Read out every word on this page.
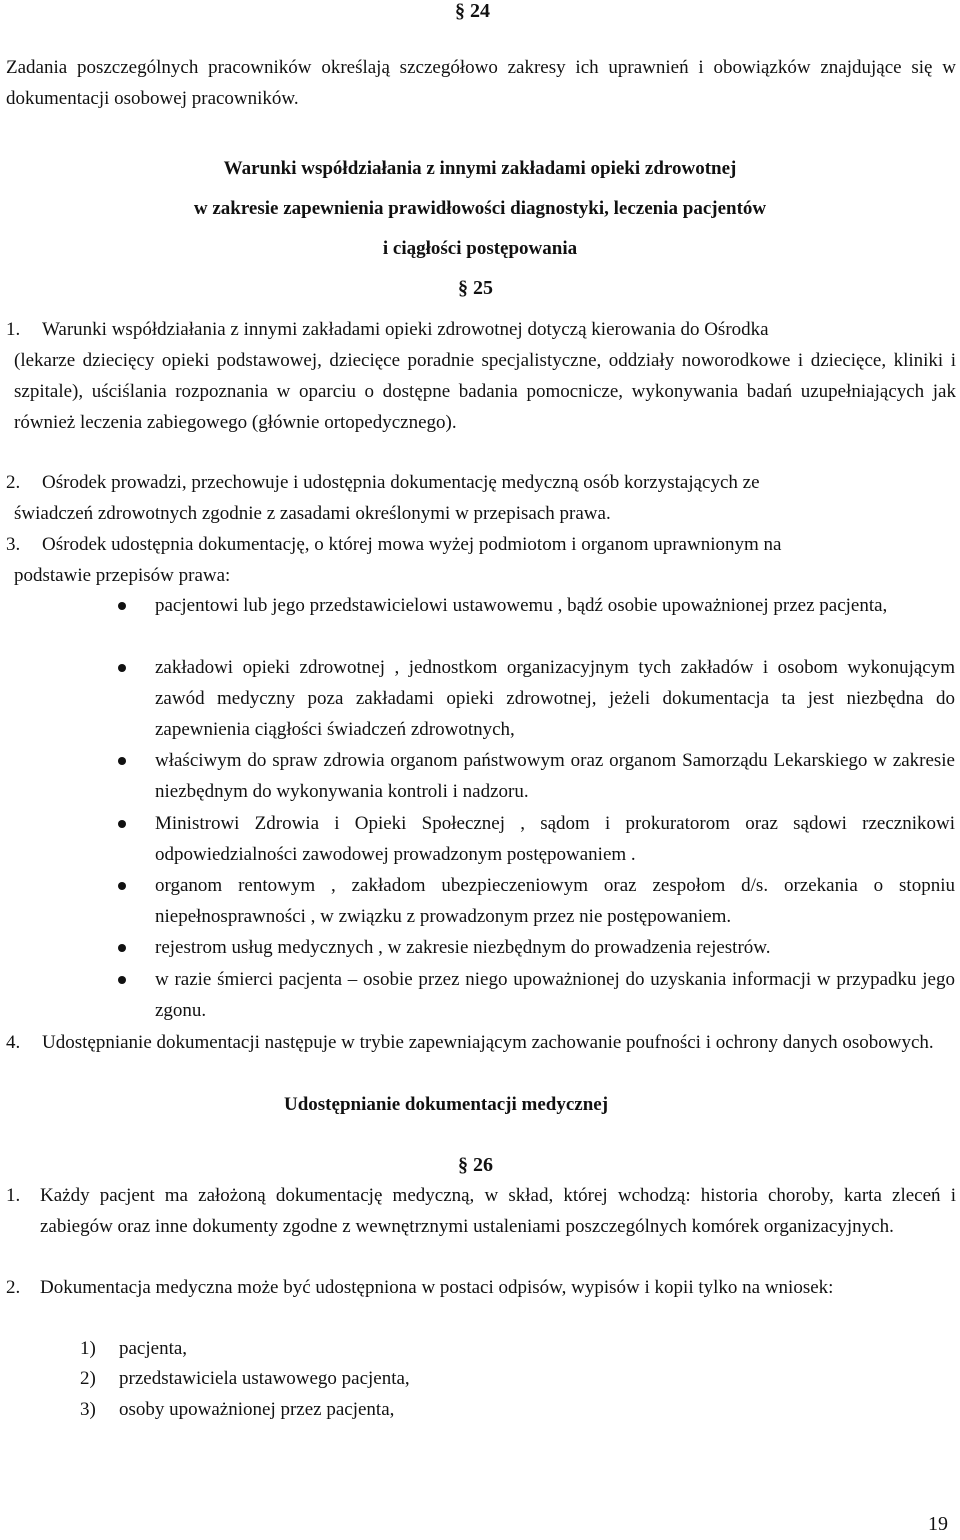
§ 24
Zadania poszczególnych pracowników określają szczegółowo zakresy ich uprawnień i obowiązków znajdujące się w dokumentacji osobowej pracowników.
Warunki współdziałania z innymi zakładami opieki zdrowotnej
w zakresie zapewnienia prawidłowości diagnostyki, leczenia pacjentów
i ciągłości postępowania
§ 25
1. Warunki współdziałania z innymi zakładami opieki zdrowotnej dotyczą kierowania do Ośrodka
(lekarze dziecięcy opieki podstawowej, dziecięce poradnie specjalistyczne, oddziały noworodkowe i dziecięce, kliniki i szpitale), uściślania rozpoznania w oparciu o dostępne badania pomocnicze, wykonywania badań uzupełniających jak również leczenia zabiegowego (głównie ortopedycznego).
2. Ośrodek prowadzi, przechowuje i udostępnia dokumentację medyczną osób korzystających ze
świadczeń zdrowotnych zgodnie z zasadami określonymi w przepisach prawa.
3. Ośrodek udostępnia dokumentację, o której mowa wyżej podmiotom i organom uprawnionym na
podstawie przepisów prawa:
pacjentowi lub jego przedstawicielowi ustawowemu , bądź osobie upoważnionej przez pacjenta,
zakładowi opieki zdrowotnej , jednostkom organizacyjnym tych zakładów i osobom wykonującym zawód medyczny poza zakładami opieki zdrowotnej, jeżeli dokumentacja ta jest niezbędna do zapewnienia ciągłości świadczeń zdrowotnych,
właściwym do spraw zdrowia organom państwowym oraz organom Samorządu Lekarskiego w zakresie niezbędnym do wykonywania kontroli i nadzoru.
Ministrowi Zdrowia i Opieki Społecznej , sądom i prokuratorom oraz sądowi rzecznikowi odpowiedzialności zawodowej prowadzonym postępowaniem .
organom rentowym , zakładom ubezpieczeniowym oraz zespołom d/s. orzekania o stopniu niepełnosprawności , w związku z prowadzonym przez nie postępowaniem.
rejestrom usług medycznych , w zakresie niezbędnym do prowadzenia rejestrów.
w razie śmierci pacjenta – osobie przez niego upoważnionej do uzyskania informacji w przypadku jego zgonu.
4. Udostępnianie dokumentacji następuje w trybie zapewniającym zachowanie poufności i ochrony danych osobowych.
Udostępnianie dokumentacji medycznej
§ 26
1. Każdy pacjent ma założoną dokumentację medyczną, w skład, której wchodzą: historia choroby, karta zleceń i zabiegów oraz inne dokumenty zgodne z wewnętrznymi ustaleniami poszczególnych komórek organizacyjnych.
2. Dokumentacja medyczna może być udostępniona w postaci odpisów, wypisów i kopii tylko na wniosek:
1) pacjenta,
2) przedstawiciela ustawowego pacjenta,
3) osoby upoważnionej przez pacjenta,
19
